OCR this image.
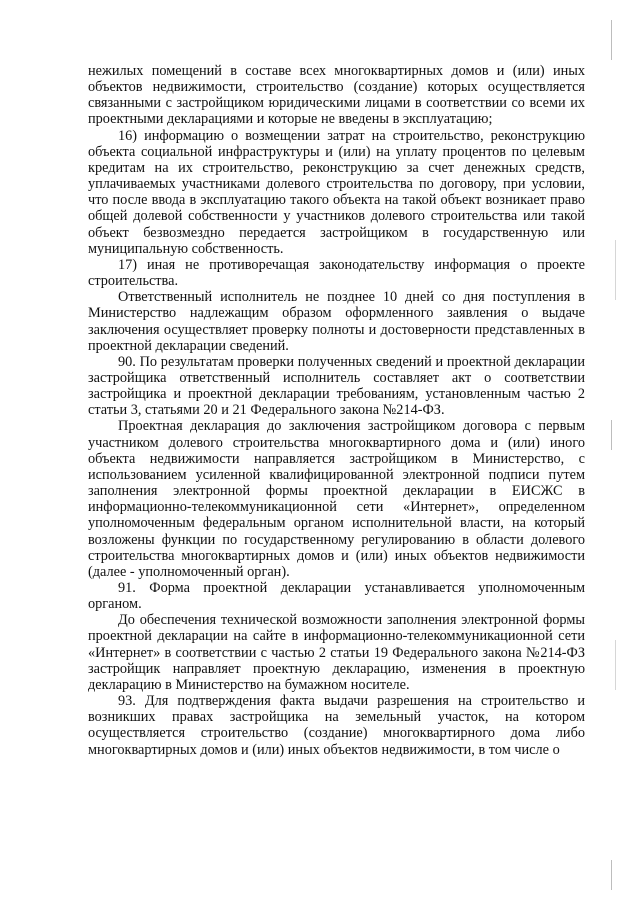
нежилых помещений в составе всех многоквартирных домов и (или) иных объектов недвижимости, строительство (создание) которых осуществляется связанными с застройщиком юридическими лицами в соответствии со всеми их проектными декларациями и которые не введены в эксплуатацию;

16) информацию о возмещении затрат на строительство, реконструкцию объекта социальной инфраструктуры и (или) на уплату процентов по целевым кредитам на их строительство, реконструкцию за счет денежных средств, уплачиваемых участниками долевого строительства по договору, при условии, что после ввода в эксплуатацию такого объекта на такой объект возникает право общей долевой собственности у участников долевого строительства или такой объект безвозмездно передается застройщиком в государственную или муниципальную собственность.

17) иная не противоречащая законодательству информация о проекте строительства.

Ответственный исполнитель не позднее 10 дней со дня поступления в Министерство надлежащим образом оформленного заявления о выдаче заключения осуществляет проверку полноты и достоверности представленных в проектной декларации сведений.

90. По результатам проверки полученных сведений и проектной декларации застройщика ответственный исполнитель составляет акт о соответствии застройщика и проектной декларации требованиям, установленным частью 2 статьи 3, статьями 20 и 21 Федерального закона №214-ФЗ.

Проектная декларация до заключения застройщиком договора с первым участником долевого строительства многоквартирного дома и (или) иного объекта недвижимости направляется застройщиком в Министерство, с использованием усиленной квалифицированной электронной подписи путем заполнения электронной формы проектной декларации в ЕИСЖС в информационно-телекоммуникационной сети «Интернет», определенном уполномоченным федеральным органом исполнительной власти, на который возложены функции по государственному регулированию в области долевого строительства многоквартирных домов и (или) иных объектов недвижимости (далее - уполномоченный орган).

91. Форма проектной декларации устанавливается уполномоченным органом.

До обеспечения технической возможности заполнения электронной формы проектной декларации на сайте в информационно-телекоммуникационной сети «Интернет» в соответствии с частью 2 статьи 19 Федерального закона №214-ФЗ застройщик направляет проектную декларацию, изменения в проектную декларацию в Министерство на бумажном носителе.

93. Для подтверждения факта выдачи разрешения на строительство и возникших правах застройщика на земельный участок, на котором осуществляется строительство (создание) многоквартирного дома либо многоквартирных домов и (или) иных объектов недвижимости, в том числе о
